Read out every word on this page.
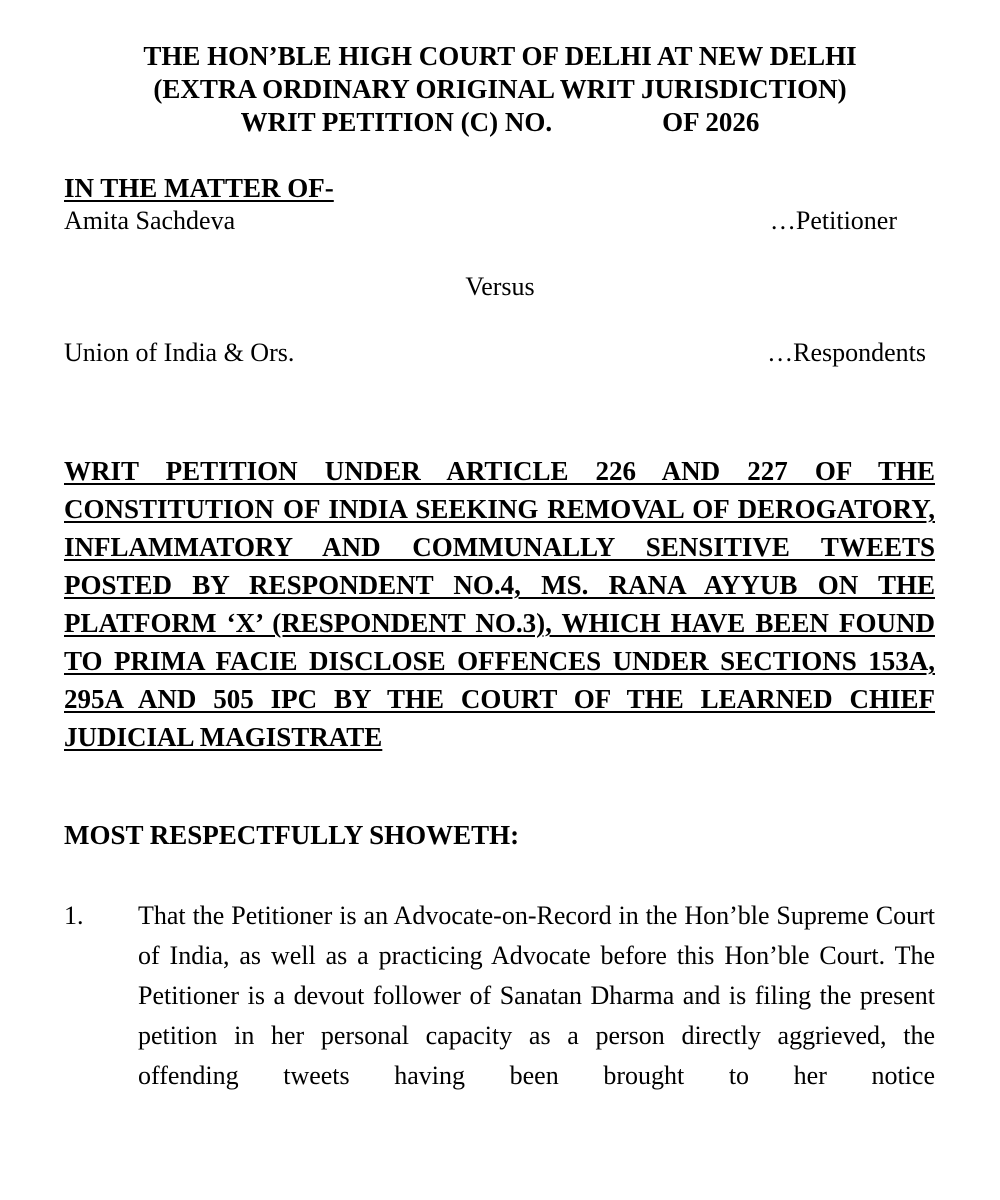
THE HON’BLE HIGH COURT OF DELHI AT NEW DELHI
(EXTRA ORDINARY ORIGINAL WRIT JURISDICTION)
WRIT PETITION (C) NO.	OF 2026
IN THE MATTER OF-
Amita Sachdeva	…Petitioner
Versus
Union of India & Ors.	…Respondents
WRIT PETITION UNDER ARTICLE 226 AND 227 OF THE CONSTITUTION OF INDIA SEEKING REMOVAL OF DEROGATORY, INFLAMMATORY AND COMMUNALLY SENSITIVE TWEETS POSTED BY RESPONDENT NO.4, MS. RANA AYYUB ON THE PLATFORM ‘X’ (RESPONDENT NO.3), WHICH HAVE BEEN FOUND TO PRIMA FACIE DISCLOSE OFFENCES UNDER SECTIONS 153A, 295A AND 505 IPC BY THE COURT OF THE LEARNED CHIEF JUDICIAL MAGISTRATE
MOST RESPECTFULLY SHOWETH:
1. That the Petitioner is an Advocate-on-Record in the Hon’ble Supreme Court of India, as well as a practicing Advocate before this Hon’ble Court. The Petitioner is a devout follower of Sanatan Dharma and is filing the present petition in her personal capacity as a person directly aggrieved, the offending tweets having been brought to her notice
